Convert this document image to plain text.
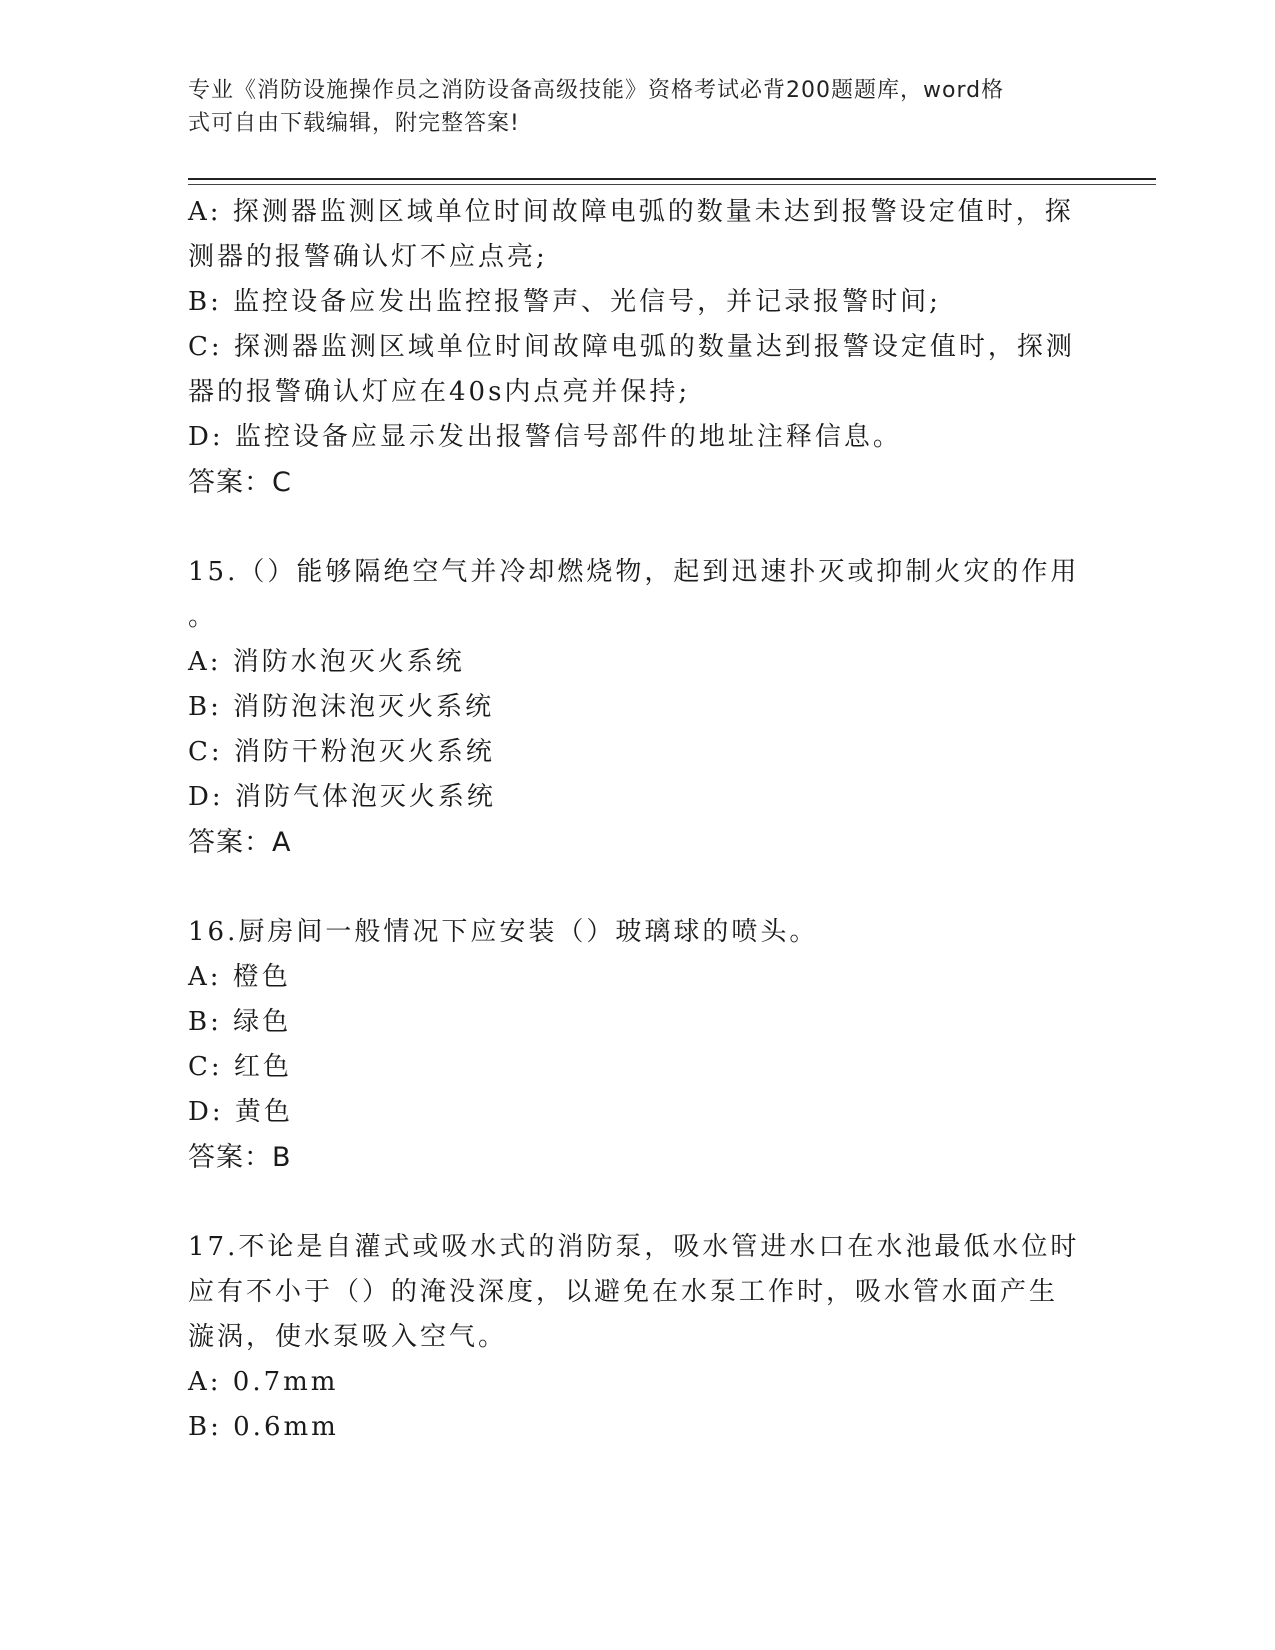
专业《消防设施操作员之消防设备高级技能》资格考试必背200题题库，word格
式可自由下载编辑，附完整答案!

A: 探测器监测区域单位时间故障电弧的数量未达到报警设定值时，探

测器的报警确认灯不应点亮;

B: 监控设备应发出监控报警声、光信号，并记录报警时间;

C: 探测器监测区域单位时间故障电弧的数量达到报警设定值时，探测

器的报警确认灯应在40s内点亮并保持;

D: 监控设备应显示发出报警信号部件的地址注释信息。

答案：C

15.（）能够隔绝空气并冷却燃烧物，起到迅速扑灭或抑制火灾的作用

。

A: 消防水泡灭火系统

B: 消防泡沫泡灭火系统

C: 消防干粉泡灭火系统

D: 消防气体泡灭火系统

答案：A

16.厨房间一般情况下应安装（）玻璃球的喷头。

A: 橙色

B: 绿色

C: 红色

D: 黄色

答案：B

17.不论是自灌式或吸水式的消防泵，吸水管进水口在水池最低水位时

应有不小于（）的淹没深度，以避免在水泵工作时，吸水管水面产生

漩涡，使水泵吸入空气。

A: 0.7mm

B: 0.6mm
